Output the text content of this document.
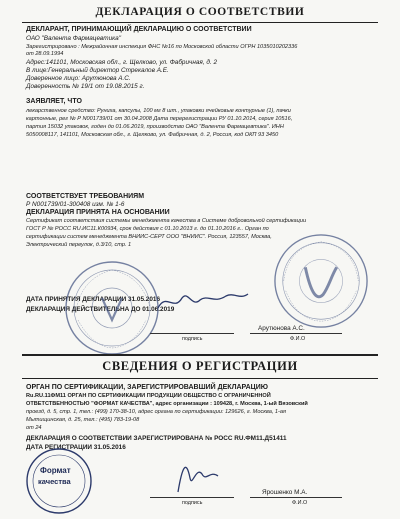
ДЕКЛАРАЦИЯ О СООТВЕТСТВИИ
ДЕКЛАРАНТ, ПРИНИМАЮЩИЙ ДЕКЛАРАЦИЮ О СООТВЕТСТВИИ
ОАО "Валента Фармацевтика"
Зарегистрировано : Межрайонная инспекция ФНС №16 по Московской области ОГРН 1035010202336
от 28.09.1994
Адрес:141101, Московская обл., г. Щелково, ул. Фабричная, д. 2
В лице:Генеральный директор Стрекалов А.Е.
Доверенное лицо: Арутюнова А.С.
Доверенность № 19/1 от 19.08.2015 г.
ЗАЯВЛЯЕТ, ЧТО
лекарственное средство: Руниха, капсулы, 100 мг 8 шт., упаковки ячейковые контурные (1), пачки
картонные, рег № Р N001739/01 от 30.04.2008 Дата перерегистрации РУ 01.10.2014, серия 10516,
партия 15032 упаковок, годен до 01.06.2019, производство ОАО "Валента Фармацевтика". ИНН
5050008117, 141101, Московская обл., г. Щелково, ул. Фабричная, д. 2, Россия, код ОКП 93 3450
СООТВЕТСТВУЕТ ТРЕБОВАНИЯМ
Р N001739/01-300408 изм. № 1-6
ДЕКЛАРАЦИЯ ПРИНЯТА НА ОСНОВАНИИ
Сертификат соответствия системы менеджмента качества в Системе добровольной сертификации
ГОСТ Р № РОСС RU.ИС11.К00934, срок действия с 01.10.2013 г. до 01.10.2016 г.. Орган по
сертификации систем менеджмента ВНИИС-СЕРТ ООО "ВНИИС". Россия, 123557, Москва,
Электрический переулок, д.3/10, стр. 1
ДАТА ПРИНЯТИЯ ДЕКЛАРАЦИИ 31.05.2016
ДЕКЛАРАЦИЯ ДЕЙСТВИТЕЛЬНА ДО 01.06.2019
подпись
Арутюнова А.С.
Ф.И.О
СВЕДЕНИЯ О РЕГИСТРАЦИИ
ОРГАН ПО СЕРТИФИКАЦИИ, ЗАРЕГИСТРИРОВАВШИЙ ДЕКЛАРАЦИЮ
Ru.RU.11ФМ11 ОРГАН ПО СЕРТИФИКАЦИИ ПРОДУКЦИИ ОБЩЕСТВО С ОГРАНИЧЕННОЙ
ОТВЕТСТВЕННОСТЬЮ "ФОРМАТ КАЧЕСТВА", адрес организации : 109428, г. Москва, 1-ый Вязовский
проезд, д. 5, стр. 1, тел.: (499) 170-38-10, адрес органа по сертификации: 129626, г. Москва, 1-ая
Мытищинская, д. 25, тел.: (495) 783-19-08
от 24
ДЕКЛАРАЦИЯ О СООТВЕТСТВИИ ЗАРЕГИСТРИРОВАНА № РОСС RU.ФМ11.Д51411
ДАТА РЕГИСТРАЦИИ 31.05.2016
Формат
качества
подпись
Ярошенко М.А.
Ф.И.О
